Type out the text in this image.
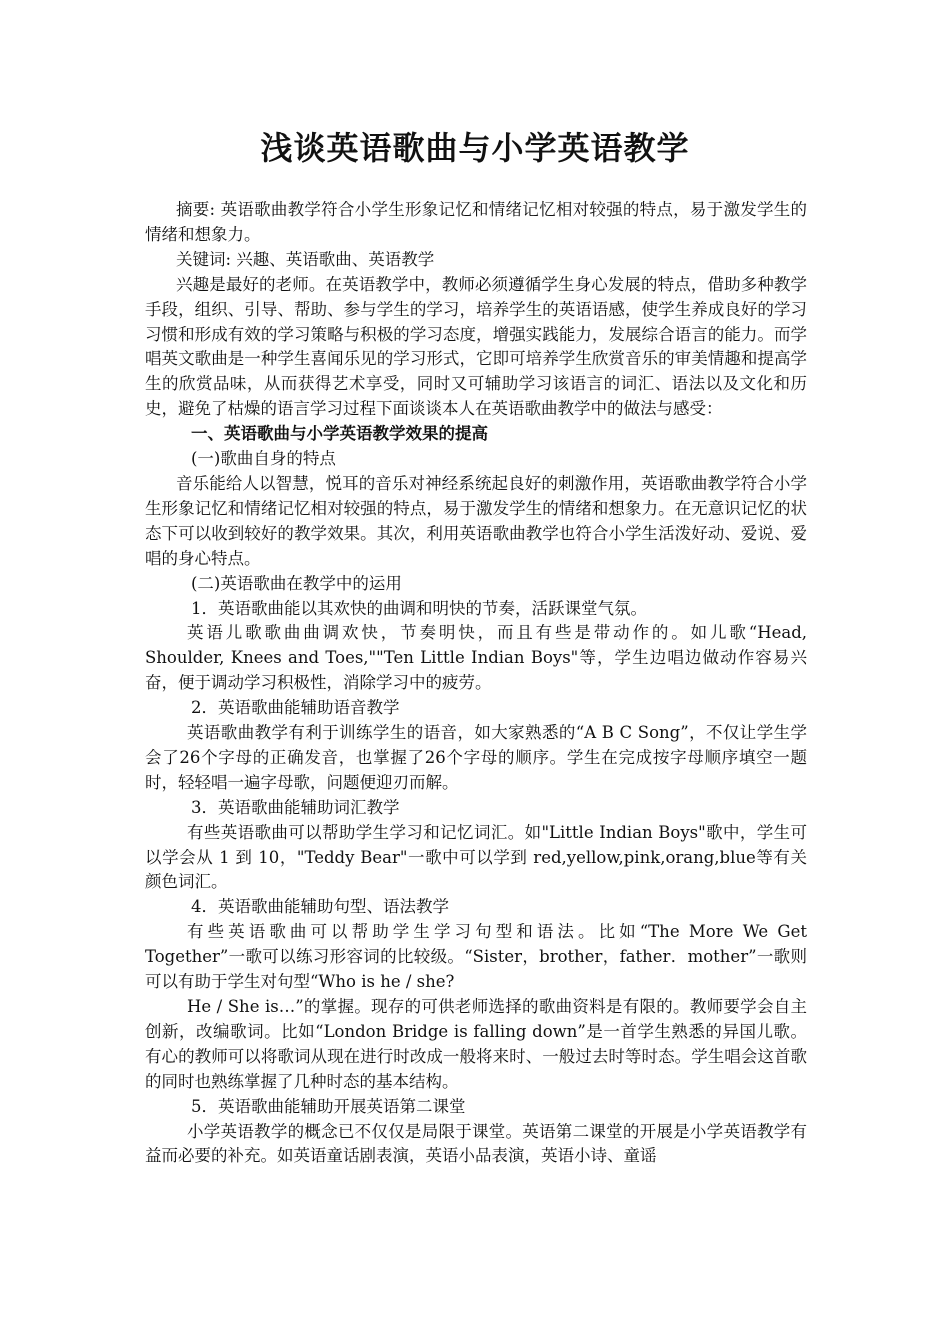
浅谈英语歌曲与小学英语教学

摘要: 英语歌曲教学符合小学生形象记忆和情绪记忆相对较强的特点，易于激发学生的情绪和想象力。

关键词: 兴趣、英语歌曲、英语教学

兴趣是最好的老师。在英语教学中，教师必须遵循学生身心发展的特点，借助多种教学手段，组织、引导、帮助、参与学生的学习，培养学生的英语语感，使学生养成良好的学习习惯和形成有效的学习策略与积极的学习态度，增强实践能力，发展综合语言的能力。而学唱英文歌曲是一种学生喜闻乐见的学习形式，它即可培养学生欣赏音乐的审美情趣和提高学生的欣赏品味，从而获得艺术享受，同时又可辅助学习该语言的词汇、语法以及文化和历史，避免了枯燥的语言学习过程下面谈谈本人在英语歌曲教学中的做法与感受：

一、英语歌曲与小学英语教学效果的提高

(一)歌曲自身的特点

音乐能给人以智慧，悦耳的音乐对神经系统起良好的刺激作用，英语歌曲教学符合小学生形象记忆和情绪记忆相对较强的特点，易于激发学生的情绪和想象力。在无意识记忆的状态下可以收到较好的教学效果。其次，利用英语歌曲教学也符合小学生活泼好动、爱说、爱唱的身心特点。

(二)英语歌曲在教学中的运用

1．英语歌曲能以其欢快的曲调和明快的节奏，活跃课堂气氛。

英语儿歌歌曲曲调欢快，节奏明快，而且有些是带动作的。如儿歌“Head, Shoulder, Knees and Toes,""Ten Little Indian Boys"等，学生边唱边做动作容易兴奋，便于调动学习积极性，消除学习中的疲劳。

2．英语歌曲能辅助语音教学

英语歌曲教学有利于训练学生的语音，如大家熟悉的“A B C Song”，不仅让学生学会了26个字母的正确发音，也掌握了26个字母的顺序。学生在完成按字母顺序填空一题时，轻轻唱一遍字母歌，问题便迎刃而解。

3．英语歌曲能辅助词汇教学

有些英语歌曲可以帮助学生学习和记忆词汇。如"Little Indian Boys"歌中，学生可以学会从 1 到 10，"Teddy Bear"一歌中可以学到 red,yellow,pink,orang,blue等有关颜色词汇。

4．英语歌曲能辅助句型、语法教学

有些英语歌曲可以帮助学生学习句型和语法。比如“The More We Get Together”一歌可以练习形容词的比较级。“Sister，brother，father．mother”一歌则可以有助于学生对句型“Who is he / she?

He / She is…”的掌握。现存的可供老师选择的歌曲资料是有限的。教师要学会自主创新，改编歌词。比如“London Bridge is falling down”是一首学生熟悉的异国儿歌。有心的教师可以将歌词从现在进行时改成一般将来时、一般过去时等时态。学生唱会这首歌的同时也熟练掌握了几种时态的基本结构。

5．英语歌曲能辅助开展英语第二课堂

小学英语教学的概念已不仅仅是局限于课堂。英语第二课堂的开展是小学英语教学有益而必要的补充。如英语童话剧表演，英语小品表演，英语小诗、童谣
